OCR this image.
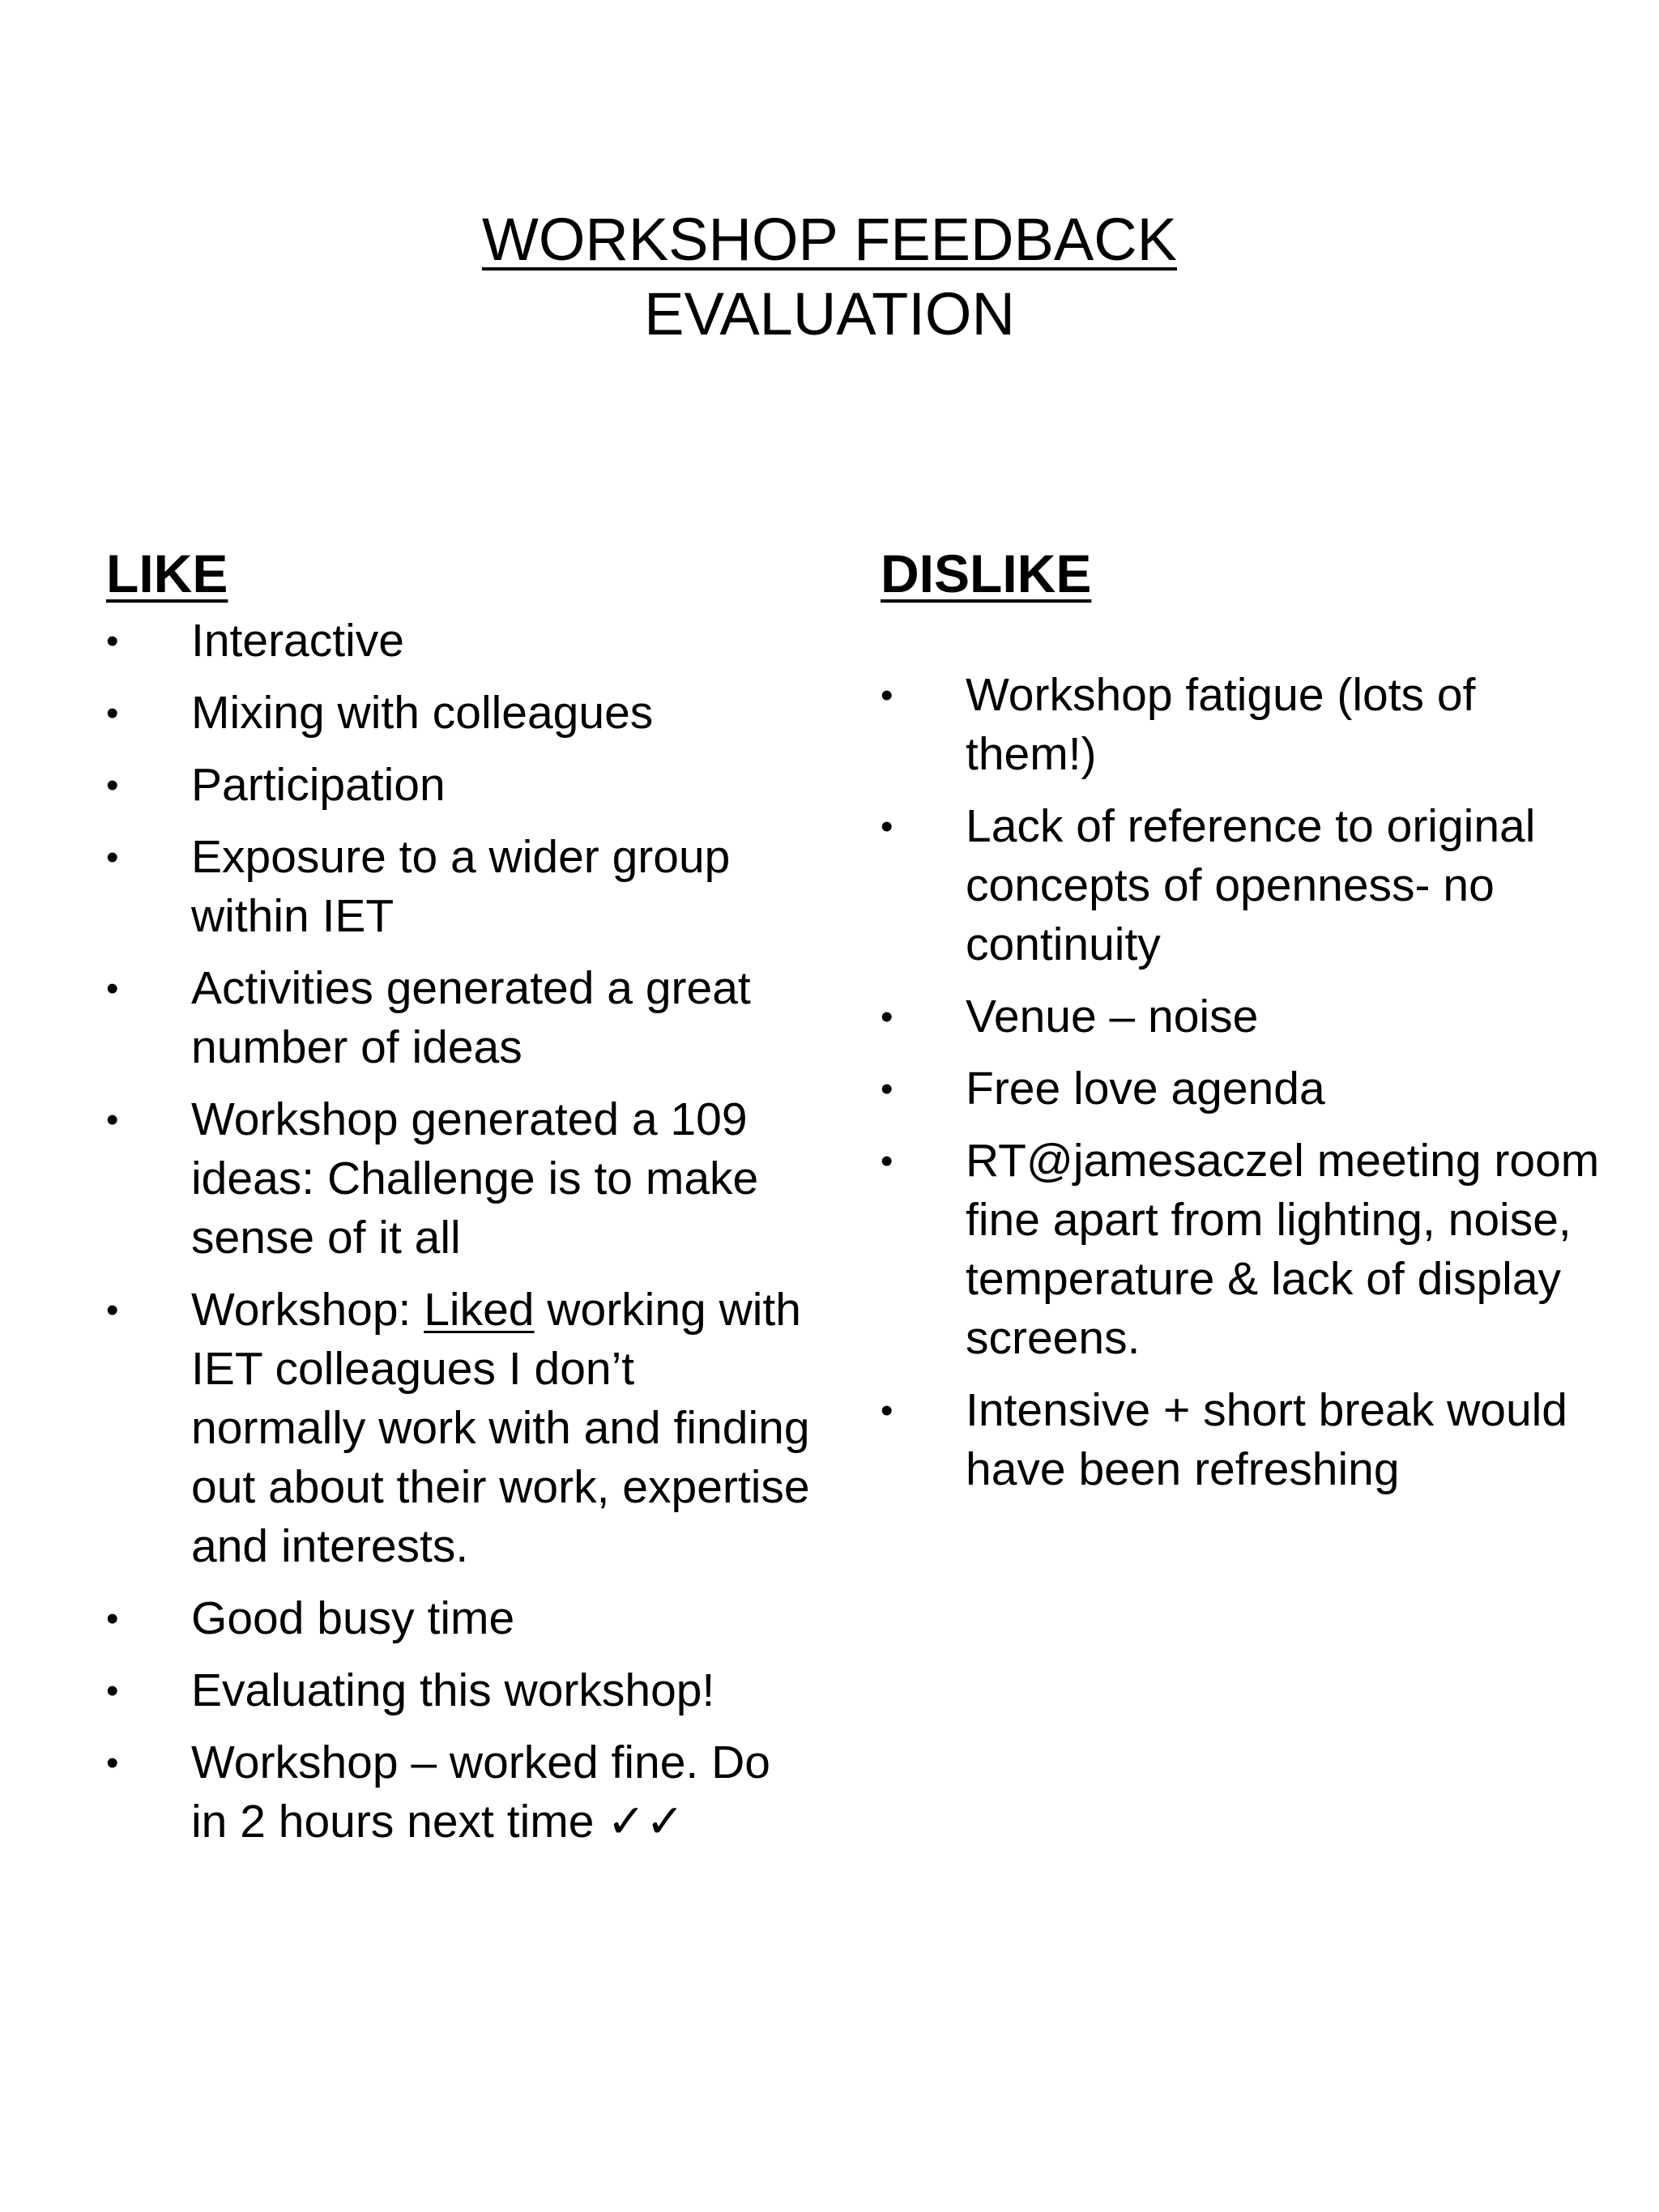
WORKSHOP FEEDBACK
EVALUATION
LIKE
•	Interactive
•	Mixing with colleagues
•	Participation
•	Exposure to a wider group within IET
•	Activities generated a great number of ideas
•	Workshop generated a 109 ideas: Challenge is to make sense of it all
•	Workshop: Liked working with IET colleagues I don’t normally work with and finding out about their work, expertise and interests.
•	Good busy time
•	Evaluating this workshop!
•	Workshop – worked fine. Do in 2 hours next time ✓✓
DISLIKE
•	Workshop fatigue (lots of them!)
•	Lack of reference to original concepts of openness- no continuity
•	Venue – noise
•	Free love agenda
•	RT@jamesaczel meeting room fine apart from lighting, noise, temperature & lack of display screens.
•	Intensive + short break would have been refreshing
